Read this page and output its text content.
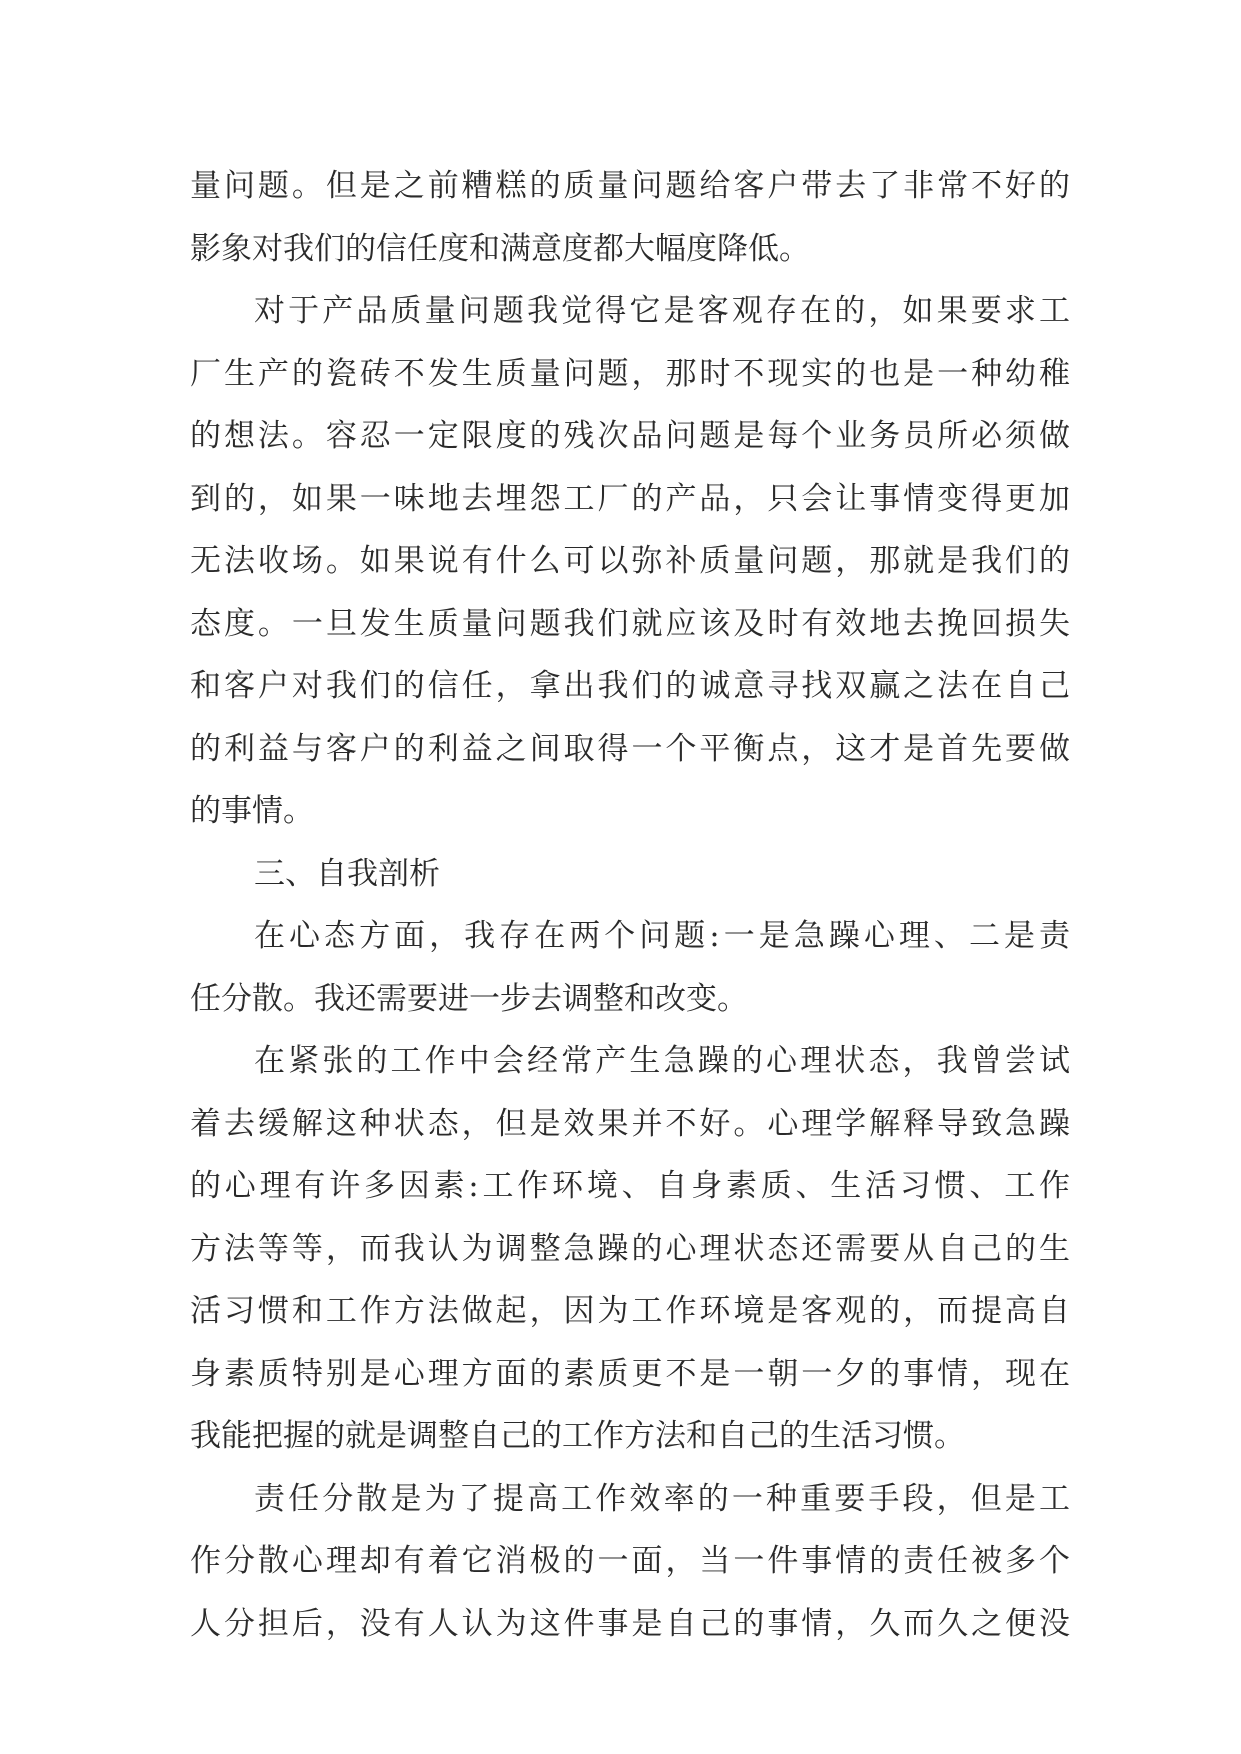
量问题。但是之前糟糕的质量问题给客户带去了非常不好的
影象对我们的信任度和满意度都大幅度降低。
对于产品质量问题我觉得它是客观存在的，如果要求工
厂生产的瓷砖不发生质量问题，那时不现实的也是一种幼稚
的想法。容忍一定限度的残次品问题是每个业务员所必须做
到的，如果一味地去埋怨工厂的产品，只会让事情变得更加
无法收场。如果说有什么可以弥补质量问题，那就是我们的
态度。一旦发生质量问题我们就应该及时有效地去挽回损失
和客户对我们的信任，拿出我们的诚意寻找双赢之法在自己
的利益与客户的利益之间取得一个平衡点，这才是首先要做
的事情。
三、自我剖析
在心态方面，我存在两个问题:一是急躁心理、二是责
任分散。我还需要进一步去调整和改变。
在紧张的工作中会经常产生急躁的心理状态，我曾尝试
着去缓解这种状态，但是效果并不好。心理学解释导致急躁
的心理有许多因素:工作环境、自身素质、生活习惯、工作
方法等等，而我认为调整急躁的心理状态还需要从自己的生
活习惯和工作方法做起，因为工作环境是客观的，而提高自
身素质特别是心理方面的素质更不是一朝一夕的事情，现在
我能把握的就是调整自己的工作方法和自己的生活习惯。
责任分散是为了提高工作效率的一种重要手段，但是工
作分散心理却有着它消极的一面，当一件事情的责任被多个
人分担后，没有人认为这件事是自己的事情，久而久之便没
